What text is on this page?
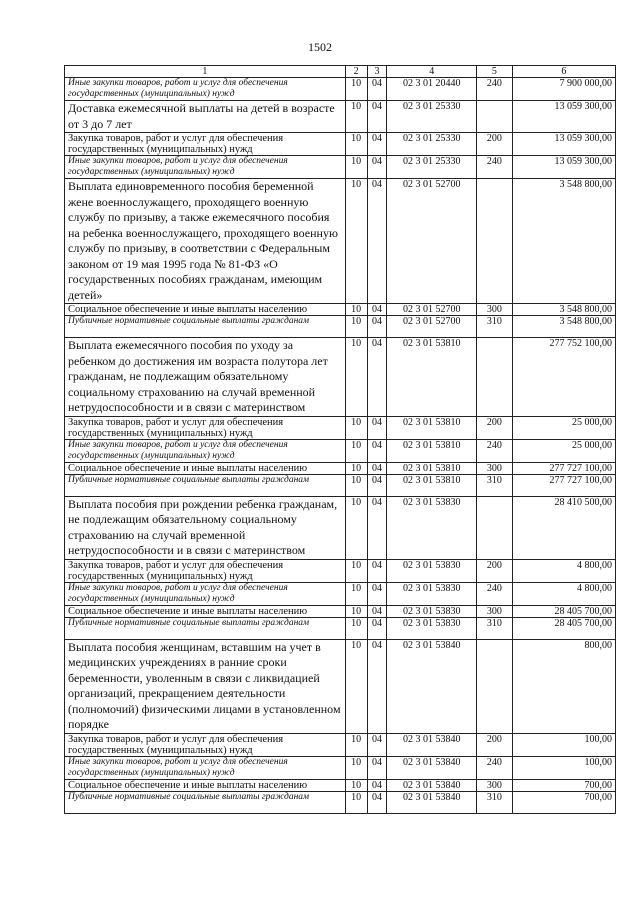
1502
1	2	3	4	5	6
Иные закупки товаров, работ и услуг для обеспечения государственных (муниципальных) нужд	10	04	02 3 01 20440	240	7 900 000,00
Доставка ежемесячной выплаты на детей в возрасте от 3 до 7 лет	10	04	02 3 01 25330		13 059 300,00
Закупка товаров, работ и услуг для обеспечения государственных (муниципальных) нужд	10	04	02 3 01 25330	200	13 059 300,00
Иные закупки товаров, работ и услуг для обеспечения государственных (муниципальных) нужд	10	04	02 3 01 25330	240	13 059 300,00
Выплата единовременного пособия беременной жене военнослужащего, проходящего военную службу по призыву, а также ежемесячного пособия на ребенка военнослужащего, проходящего военную службу по призыву, в соответствии с Федеральным законом от 19 мая 1995 года № 81-ФЗ «О государственных пособиях гражданам, имеющим детей»	10	04	02 3 01 52700		3 548 800,00
Социальное обеспечение и иные выплаты населению	10	04	02 3 01 52700	300	3 548 800,00
Публичные нормативные социальные выплаты гражданам	10	04	02 3 01 52700	310	3 548 800,00
Выплата ежемесячного пособия по уходу за ребенком до достижения им возраста полутора лет гражданам, не подлежащим обязательному социальному страхованию на случай временной нетрудоспособности и в связи с материнством	10	04	02 3 01 53810		277 752 100,00
Закупка товаров, работ и услуг для обеспечения государственных (муниципальных) нужд	10	04	02 3 01 53810	200	25 000,00
Иные закупки товаров, работ и услуг для обеспечения государственных (муниципальных) нужд	10	04	02 3 01 53810	240	25 000,00
Социальное обеспечение и иные выплаты населению	10	04	02 3 01 53810	300	277 727 100,00
Публичные нормативные социальные выплаты гражданам	10	04	02 3 01 53810	310	277 727 100,00
Выплата пособия при рождении ребенка гражданам, не подлежащим обязательному социальному страхованию на случай временной нетрудоспособности и в связи с материнством	10	04	02 3 01 53830		28 410 500,00
Закупка товаров, работ и услуг для обеспечения государственных (муниципальных) нужд	10	04	02 3 01 53830	200	4 800,00
Иные закупки товаров, работ и услуг для обеспечения государственных (муниципальных) нужд	10	04	02 3 01 53830	240	4 800,00
Социальное обеспечение и иные выплаты населению	10	04	02 3 01 53830	300	28 405 700,00
Публичные нормативные социальные выплаты гражданам	10	04	02 3 01 53830	310	28 405 700,00
Выплата пособия женщинам, вставшим на учет в медицинских учреждениях в ранние сроки беременности, уволенным в связи с ликвидацией организаций, прекращением деятельности (полномочий) физическими лицами в установленном порядке	10	04	02 3 01 53840		800,00
Закупка товаров, работ и услуг для обеспечения государственных (муниципальных) нужд	10	04	02 3 01 53840	200	100,00
Иные закупки товаров, работ и услуг для обеспечения государственных (муниципальных) нужд	10	04	02 3 01 53840	240	100,00
Социальное обеспечение и иные выплаты населению	10	04	02 3 01 53840	300	700,00
Публичные нормативные социальные выплаты гражданам	10	04	02 3 01 53840	310	700,00
